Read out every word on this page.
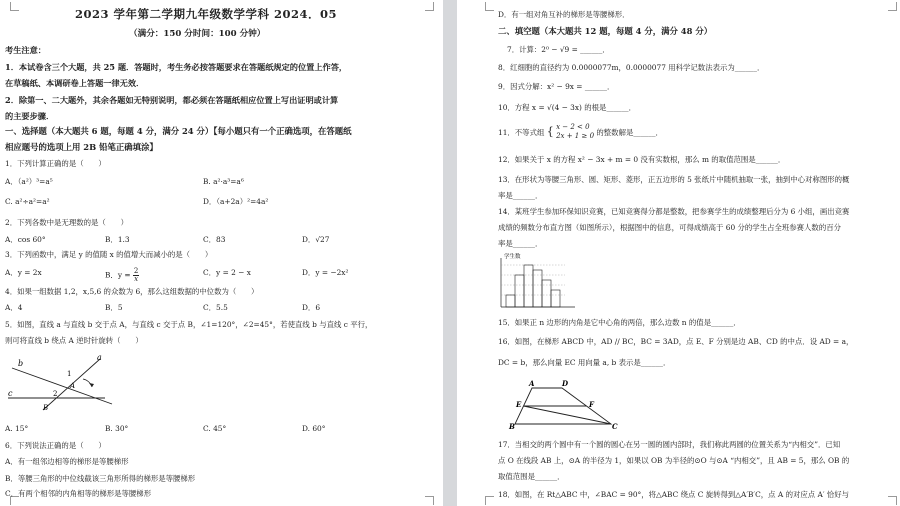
2023 学年第二学期九年级数学学科 2024．05
（满分：150 分时间：100 分钟）
考生注意：
1．本试卷含三个大题，共 25 题．答题时，考生务必按答题要求在答题纸规定的位置上作答，
在草稿纸、本调研卷上答题一律无效．
2．除第一、二大题外，其余各题如无特别说明，都必须在答题纸相应位置上写出证明或计算
的主要步骤．
一、选择题（本大题共 6 题，每题 4 分，满分 24 分）【每小题只有一个正确选项，在答题纸
相应题号的选项上用 2B 铅笔正确填涂】
1．下列计算正确的是（　　）
A．（a²）³=a⁵	B. a²·a³=a⁶
C. a²÷a²=a²	D．（a+2a）²=4a²
2．下列各数中是无理数的是（　　）
A．cos 60°	B．1.3	C．83	D．√27
3．下列函数中，满足 y 的值随 x 的值增大而减小的是（　　）
A．y = 2x	B．$y = \frac{2}{x}$	C．y = 2 − x	D．y = −2x²
4．如果一组数据 1,2，x,5,6 的众数为 6，那么这组数据的中位数为（　　）
A．4	B．5	C．5.5	D．6
5．如图，直线 a 与直线 b 交于点 A，与直线 c 交于点 B，∠1=120°，∠2=45°，若使直线 b 与直线 c 平行，
则可将直线 b 绕点 A 逆时针旋转（　　）
a
b
c
1
A
2
B
A. 15°	B. 30°	C. 45°	D. 60°
6．下列说法正确的是（　　）
A．有一组邻边相等的梯形是等腰梯形
B．等腰三角形的中位线截该三角形所得的梯形是等腰梯形
C．有两个相邻的内角相等的梯形是等腰梯形
D．有一组对角互补的梯形是等腰梯形．
二、填空题（本大题共 12 题，每题 4 分，满分 48 分）
7．计算：2⁰ − √9 = ______．
8．红细胞的直径约为 0.0000077m，0.0000077 用科学记数法表示为______．
9．因式分解：x² − 9x = ______．
10．方程 x = √(4 − 3x) 的根是______．
11．不等式组 { x − 2 < 0
2x + 1 ≥ 0 的整数解是______．
12．如果关于 x 的方程 x² − 3x + m = 0 没有实数根，那么 m 的取值范围是______．
13．在形状为等腰三角形、圆、矩形、菱形，正五边形的 5 张纸片中随机抽取一张，抽到中心对称图形的概
率是______．
14．某班学生参加环保知识竞赛，已知竞赛得分都是整数，把参赛学生的成绩整理后分为 6 小组，画出竞赛
成绩的频数分布直方图（如图所示），根据图中的信息，可得成绩高于 60 分的学生占全班参赛人数的百分
率是______．
学生数
15．如果正 n 边形的内角是它中心角的两倍，那么边数 n 的值是______．
16．如图，在梯形 ABCD 中，AD // BC，BC = 3AD，点 E、F 分别是边 AB、CD 的中点．设 AD = a，
DC = b，那么向量 EC 用向量 a, b 表示是______．
A	D
E	F
B	C
17．当相交的两个圆中有一个圆的圆心在另一圆的圆内部时，我们称此两圆的位置关系为“内相交”．已知
点 O 在线段 AB 上，⊙A 的半径为 1，如果以 OB 为半径的⊙O 与⊙A “内相交”，且 AB = 5，那么 OB 的
取值范围是______．
18．如图，在 Rt△ABC 中，∠BAC = 90°，将△ABC 绕点 C 旋转得到△A′B′C，点 A 的对应点 A′ 恰好与
